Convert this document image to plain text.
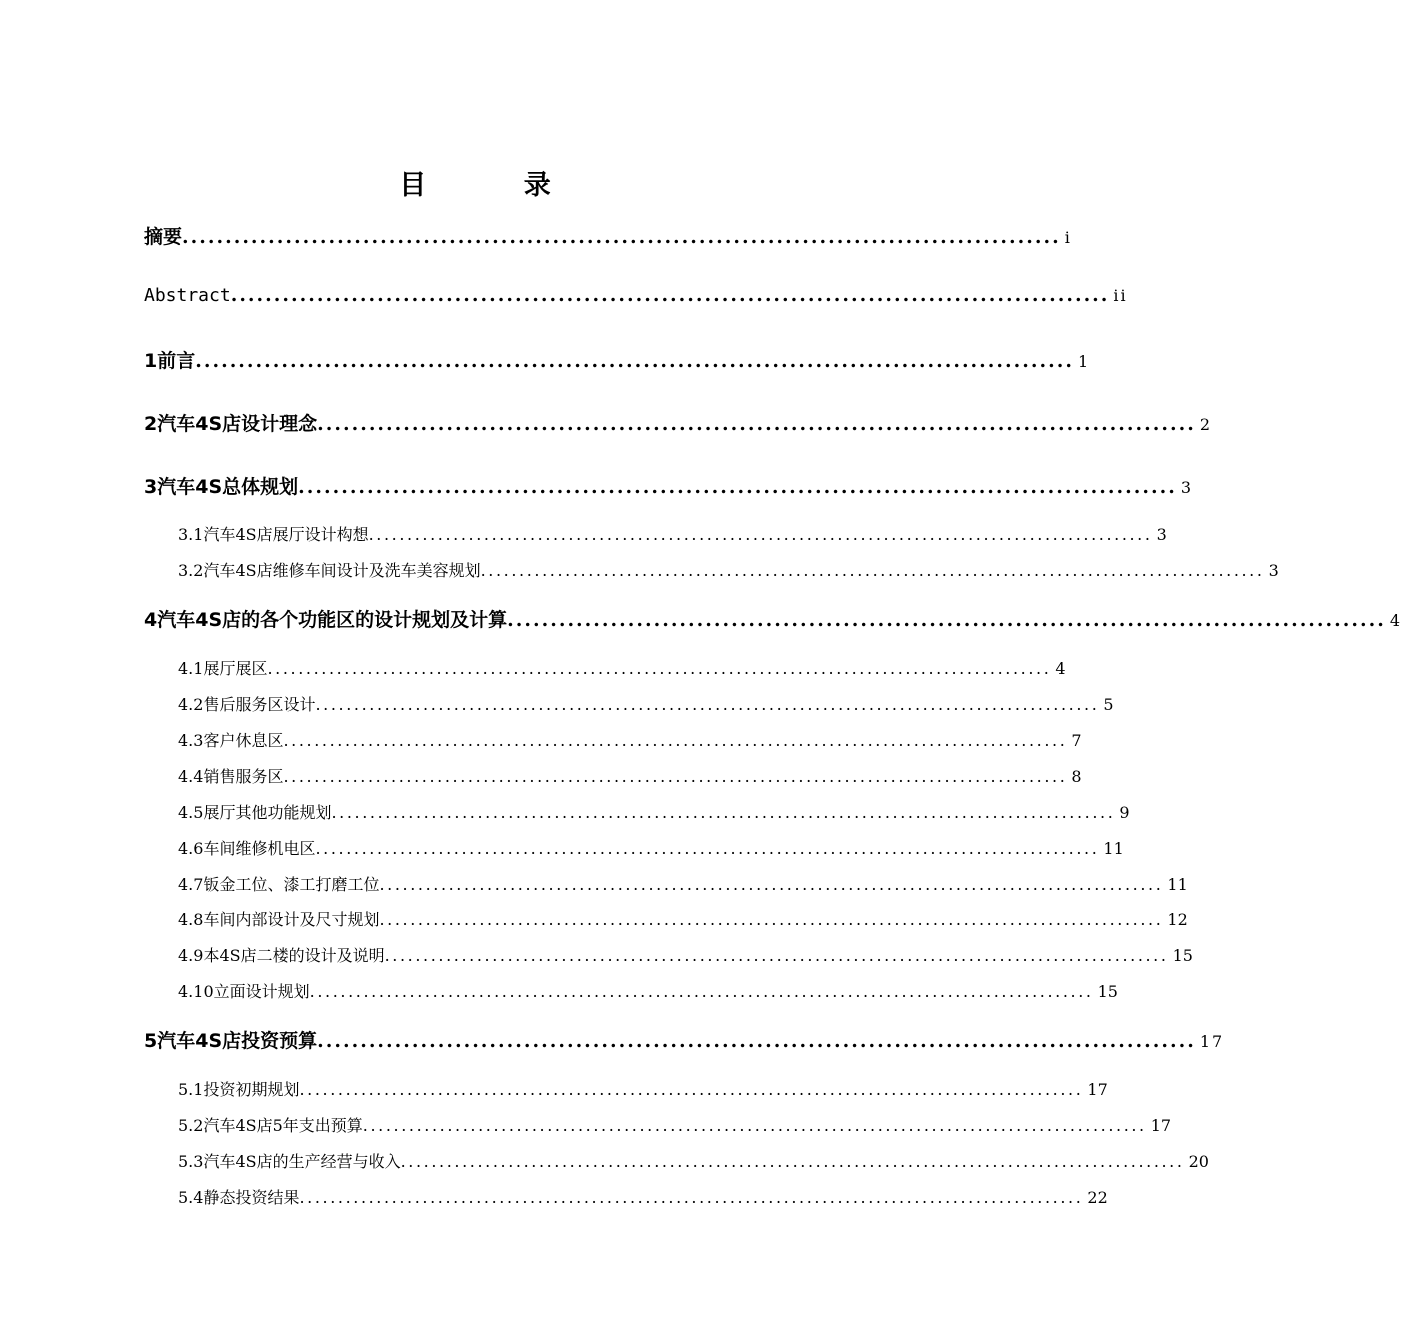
目 录
摘要 ...................................................................................................... i
Abstract ...................................................................................................... ii
1前言 ...................................................................................................... 1
2汽车4S店设计理念 ...................................................................................................... 2
3汽车4S总体规划 ...................................................................................................... 3
3.1汽车4S店展厅设计构想 ...................................................................................................... 3
3.2汽车4S店维修车间设计及洗车美容规划 ...................................................................................................... 3
4汽车4S店的各个功能区的设计规划及计算 ...................................................................................................... 4
4.1展厅展区 ...................................................................................................... 4
4.2售后服务区设计 ...................................................................................................... 5
4.3客户休息区 ...................................................................................................... 7
4.4销售服务区 ...................................................................................................... 8
4.5展厅其他功能规划 ...................................................................................................... 9
4.6车间维修机电区 ...................................................................................................... 11
4.7钣金工位、漆工打磨工位 ...................................................................................................... 11
4.8车间内部设计及尺寸规划 ...................................................................................................... 12
4.9本4S店二楼的设计及说明 ...................................................................................................... 15
4.10立面设计规划 ...................................................................................................... 15
5汽车4S店投资预算 ...................................................................................................... 17
5.1投资初期规划 ...................................................................................................... 17
5.2汽车4S店5年支出预算 ...................................................................................................... 17
5.3汽车4S店的生产经营与收入 ...................................................................................................... 20
5.4静态投资结果 ...................................................................................................... 22
